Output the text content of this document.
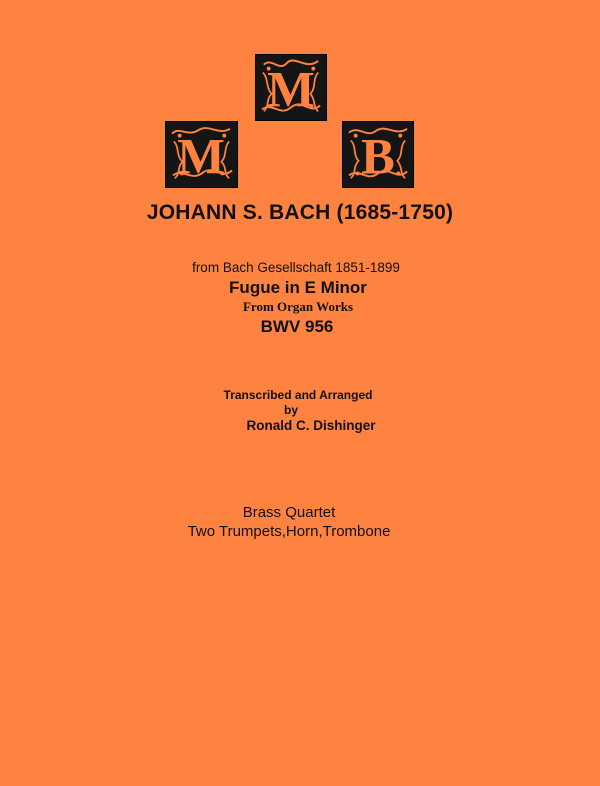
M
M	B
JOHANN S. BACH (1685-1750)
from Bach Gesellschaft 1851-1899
Fugue in E Minor
From Organ Works
BWV 956
Transcribed and Arranged
by
Ronald C. Dishinger
Brass Quartet
Two Trumpets,Horn,Trombone
